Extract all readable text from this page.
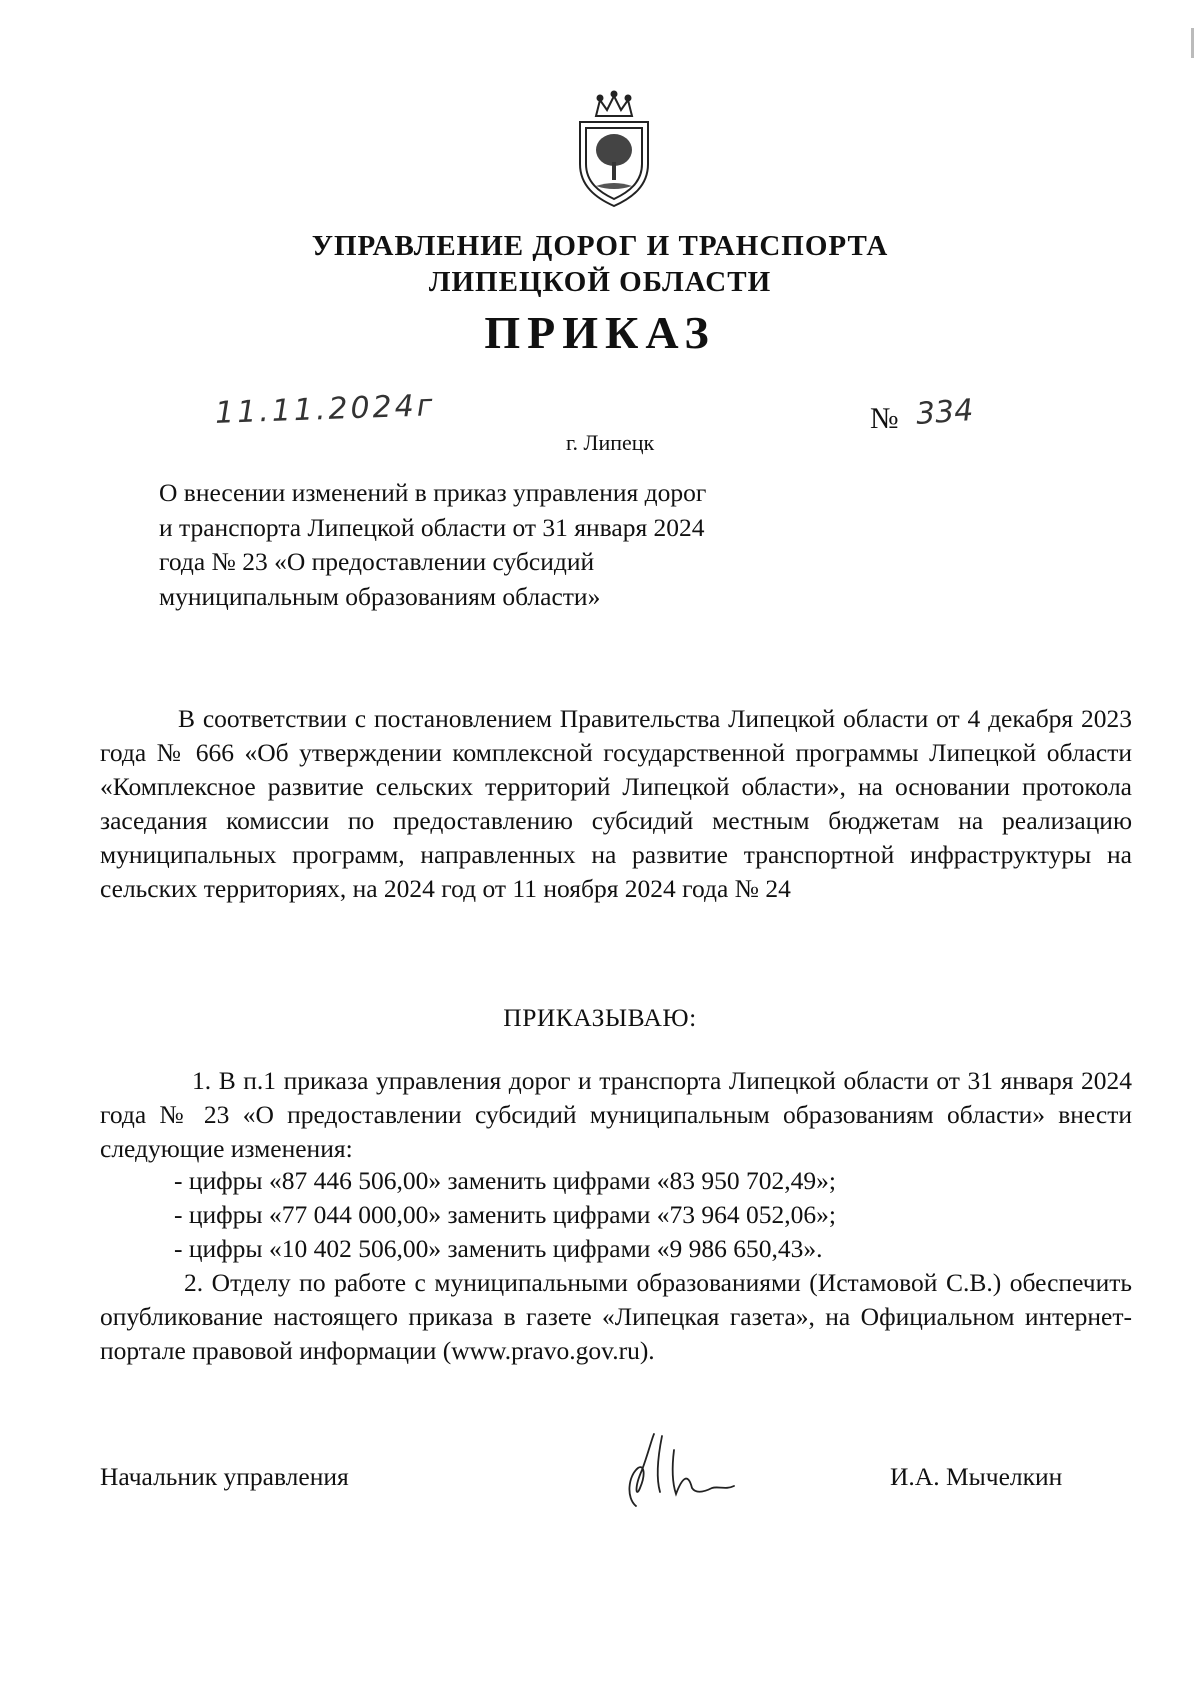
УПРАВЛЕНИЕ ДОРОГ И ТРАНСПОРТА
ЛИПЕЦКОЙ ОБЛАСТИ
ПРИКАЗ
11.11.2024г	№ 334
г. Липецк
О внесении изменений в приказ управления дорог и транспорта Липецкой области от 31 января 2024 года № 23 «О предоставлении субсидий муниципальным образованиям области»
В соответствии с постановлением Правительства Липецкой области от 4 декабря 2023 года № 666 «Об утверждении комплексной государственной программы Липецкой области «Комплексное развитие сельских территорий Липецкой области», на основании протокола заседания комиссии по предоставлению субсидий местным бюджетам на реализацию муниципальных программ, направленных на развитие транспортной инфраструктуры на сельских территориях, на 2024 год от 11 ноября 2024 года № 24
ПРИКАЗЫВАЮ:
1. В п.1 приказа управления дорог и транспорта Липецкой области от 31 января 2024 года № 23 «О предоставлении субсидий муниципальным образованиям области» внести следующие изменения:
- цифры «87 446 506,00» заменить цифрами «83 950 702,49»;
- цифры «77 044 000,00» заменить цифрами «73 964 052,06»;
- цифры «10 402 506,00» заменить цифрами «9 986 650,43».
2. Отделу по работе с муниципальными образованиями (Истамовой С.В.) обеспечить опубликование настоящего приказа в газете «Липецкая газета», на Официальном интернет-портале правовой информации (www.pravo.gov.ru).
Начальник управления	И.А. Мычелкин
